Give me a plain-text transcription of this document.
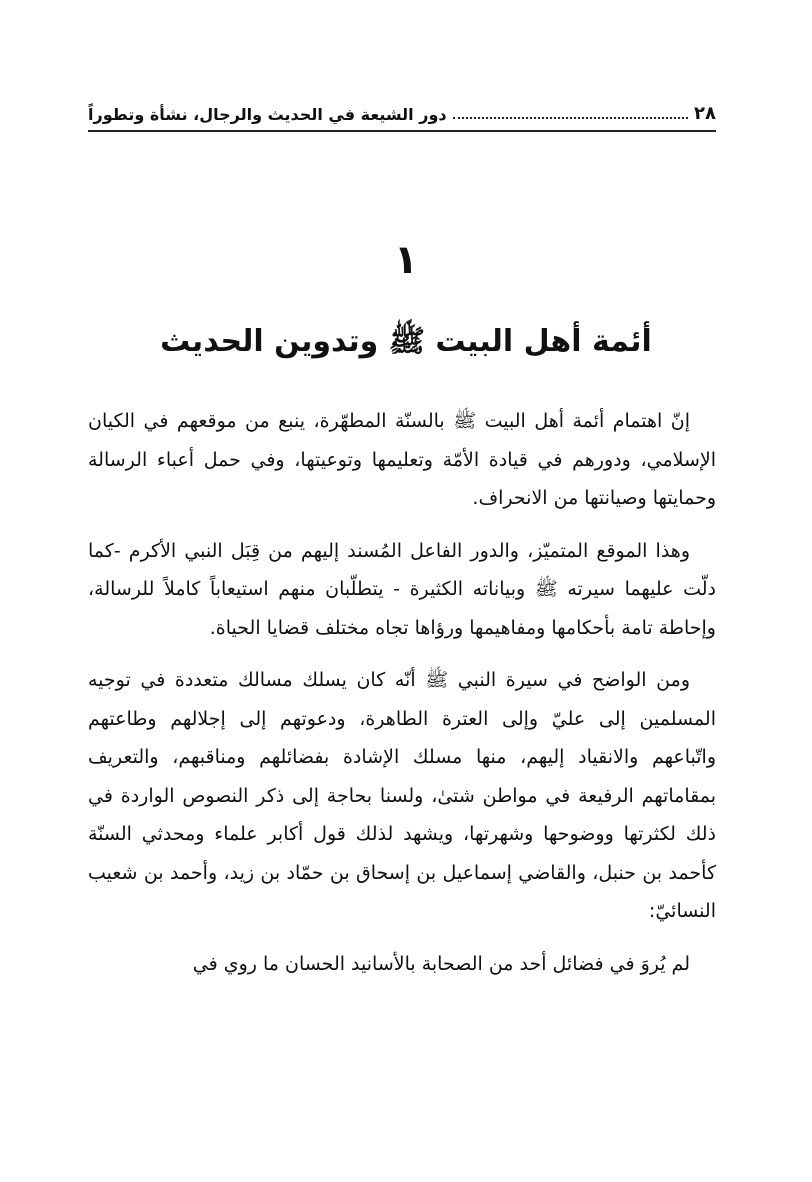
٢٨
دور الشيعة في الحديث والرجال، نشأة وتطوراً
١
أئمة أهل البيت ﷺ وتدوين الحديث

إنّ اهتمام أئمة أهل البيت ﷺ بالسنّة المطهّرة، ينبع من موقعهم في الكيان الإسلامي، ودورهم في قيادة الأمّة وتعليمها وتوعيتها، وفي حمل أعباء الرسالة وحمايتها وصيانتها من الانحراف.

وهذا الموقع المتميّز، والدور الفاعل المُسند إليهم من قِبَل النبي الأكرم -كما دلّت عليهما سيرته ﷺ وبياناته الكثيرة - يتطلّبان منهم استيعاباً كاملاً للرسالة، وإحاطة تامة بأحكامها ومفاهيمها ورؤاها تجاه مختلف قضايا الحياة.

ومن الواضح في سيرة النبي ﷺ أنّه كان يسلك مسالك متعددة في توجيه المسلمين إلى عليّ وإلى العترة الطاهرة، ودعوتهم إلى إجلالهم وطاعتهم واتّباعهم والانقياد إليهم، منها مسلك الإشادة بفضائلهم ومناقبهم، والتعريف بمقاماتهم الرفيعة في مواطن شتىٰ، ولسنا بحاجة إلى ذكر النصوص الواردة في ذلك لكثرتها ووضوحها وشهرتها، ويشهد لذلك قول أكابر علماء ومحدثي السنّة كأحمد بن حنبل، والقاضي إسماعيل بن إسحاق بن حمّاد بن زيد، وأحمد بن شعيب النسائيّ:

لم يُروَ في فضائل أحد من الصحابة بالأسانيد الحسان ما روي في
